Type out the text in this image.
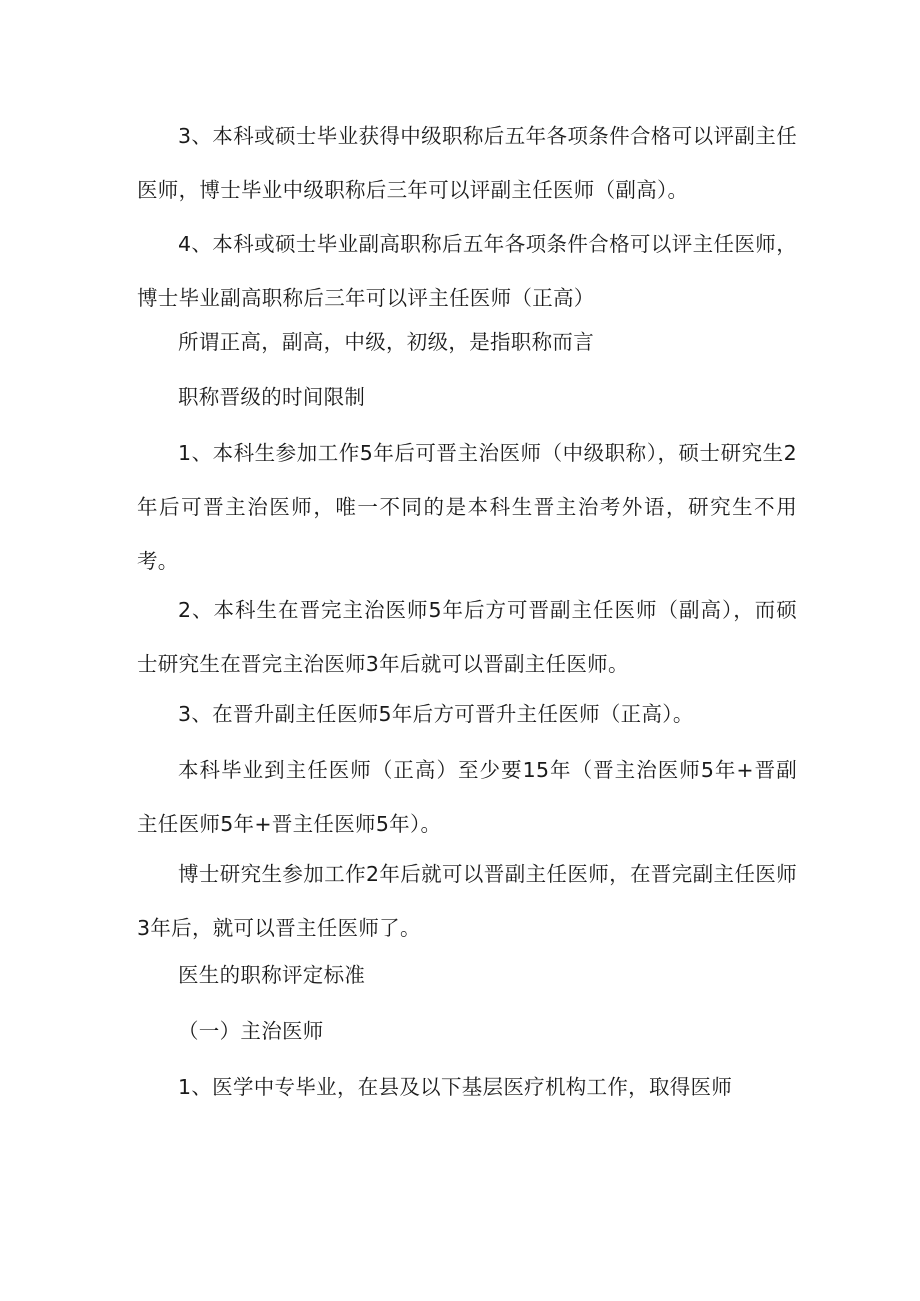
3、本科或硕士毕业获得中级职称后五年各项条件合格可以评副主任医师，博士毕业中级职称后三年可以评副主任医师（副高）。

4、本科或硕士毕业副高职称后五年各项条件合格可以评主任医师，博士毕业副高职称后三年可以评主任医师（正高）

所谓正高，副高，中级，初级，是指职称而言

职称晋级的时间限制

1、本科生参加工作5年后可晋主治医师（中级职称），硕士研究生2年后可晋主治医师，唯一不同的是本科生晋主治考外语，研究生不用考。

2、本科生在晋完主治医师5年后方可晋副主任医师（副高），而硕士研究生在晋完主治医师3年后就可以晋副主任医师。

3、在晋升副主任医师5年后方可晋升主任医师（正高）。

本科毕业到主任医师（正高）至少要15年（晋主治医师5年+晋副主任医师5年+晋主任医师5年）。

博士研究生参加工作2年后就可以晋副主任医师，在晋完副主任医师3年后，就可以晋主任医师了。

医生的职称评定标准

（一）主治医师

1、医学中专毕业，在县及以下基层医疗机构工作，取得医师
